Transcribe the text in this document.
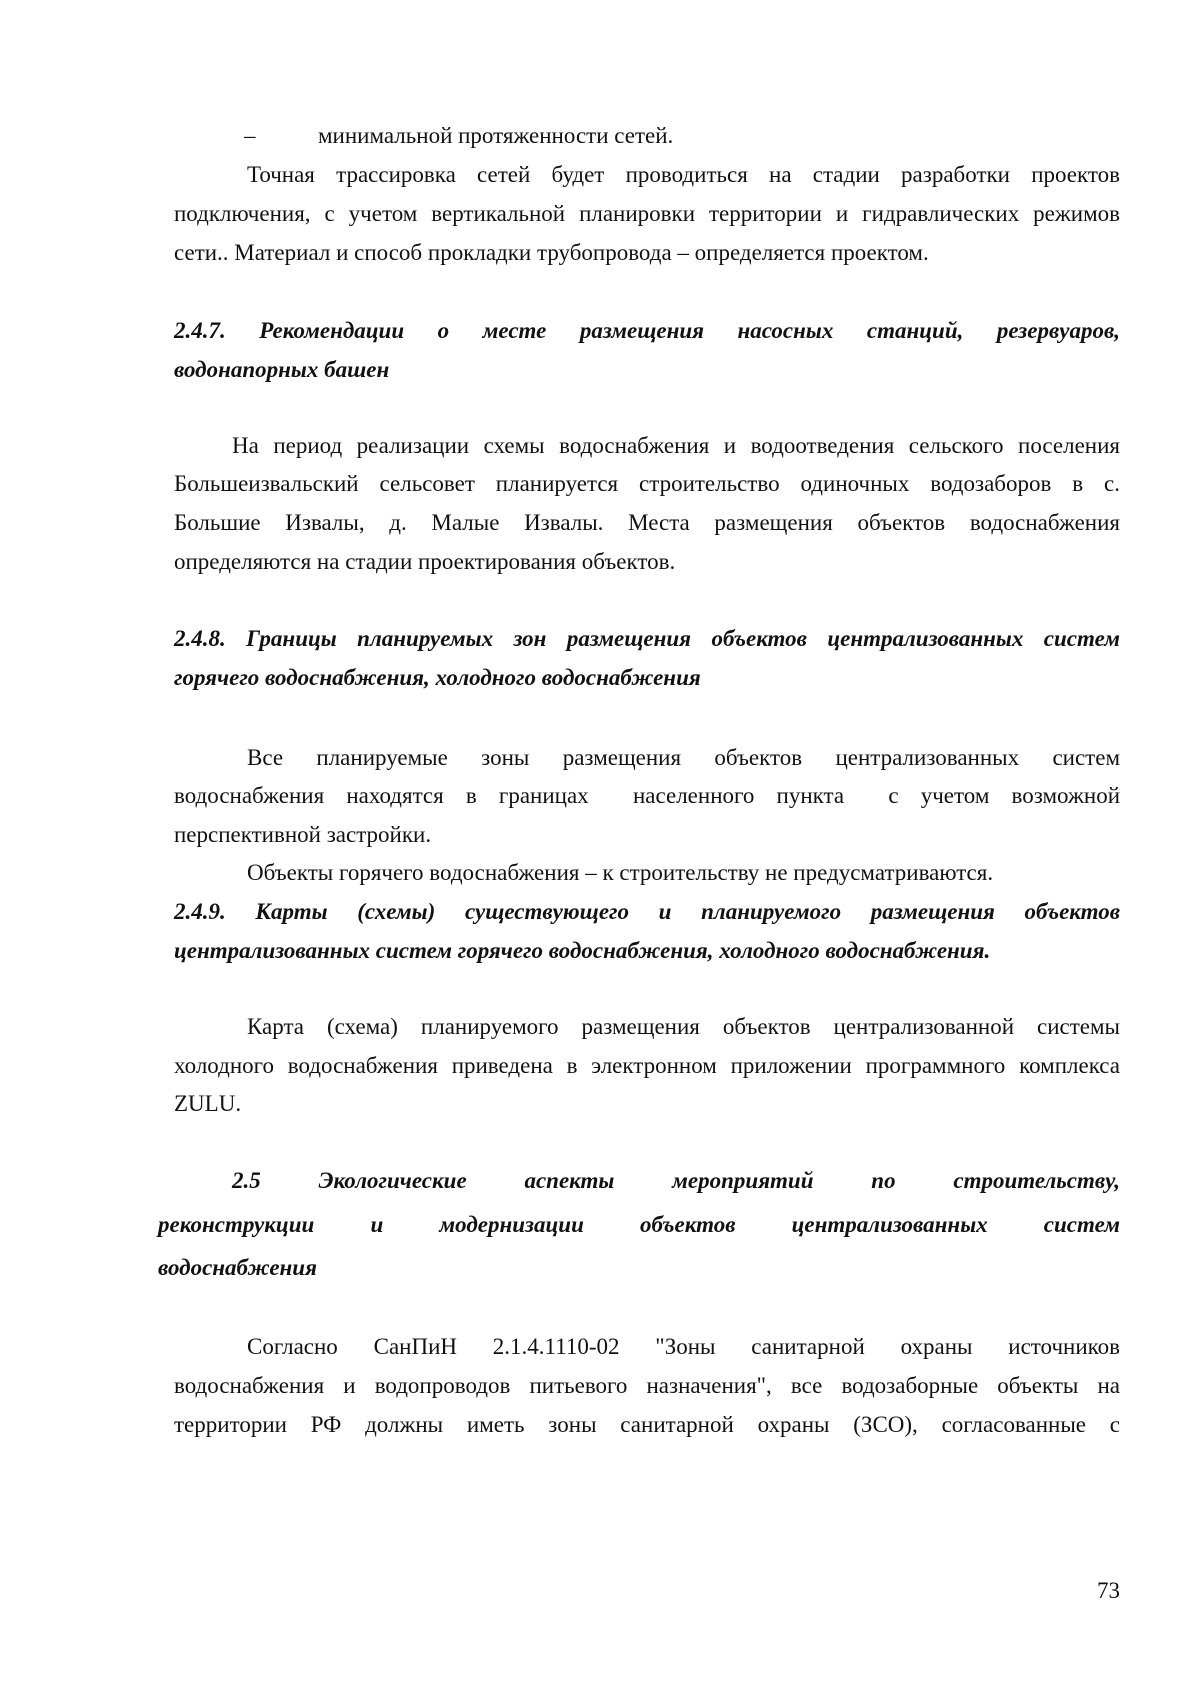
–	минимальной протяженности сетей.
Точная трассировка сетей будет проводиться на стадии разработки проектов
подключения, с учетом вертикальной планировки территории и гидравлических режимов
сети.. Материал и способ прокладки трубопровода – определяется проектом.
2.4.7. Рекомендации о месте размещения насосных станций, резервуаров,
водонапорных башен
На период реализации схемы водоснабжения и водоотведения сельского поселения
Большеизвальский сельсовет планируется строительство одиночных водозаборов в с.
Большие Извалы, д. Малые Извалы. Места размещения объектов водоснабжения
определяются на стадии проектирования объектов.
2.4.8. Границы планируемых зон размещения объектов централизованных систем
горячего водоснабжения, холодного водоснабжения
Все планируемые зоны размещения объектов централизованных систем
водоснабжения находятся в границах  населенного пункта  с учетом возможной
перспективной застройки.
Объекты горячего водоснабжения – к строительству не предусматриваются.
2.4.9. Карты (схемы) существующего и планируемого размещения объектов
централизованных систем горячего водоснабжения, холодного водоснабжения.
Карта (схема) планируемого размещения объектов централизованной системы
холодного водоснабжения приведена в электронном приложении программного комплекса
ZULU.
2.5 Экологические аспекты мероприятий по строительству,
реконструкции и модернизации объектов централизованных систем
водоснабжения
Согласно СанПиН 2.1.4.1110-02 "Зоны санитарной охраны источников
водоснабжения и водопроводов питьевого назначения", все водозаборные объекты на
территории РФ должны иметь зоны санитарной охраны (ЗСО), согласованные с
73
